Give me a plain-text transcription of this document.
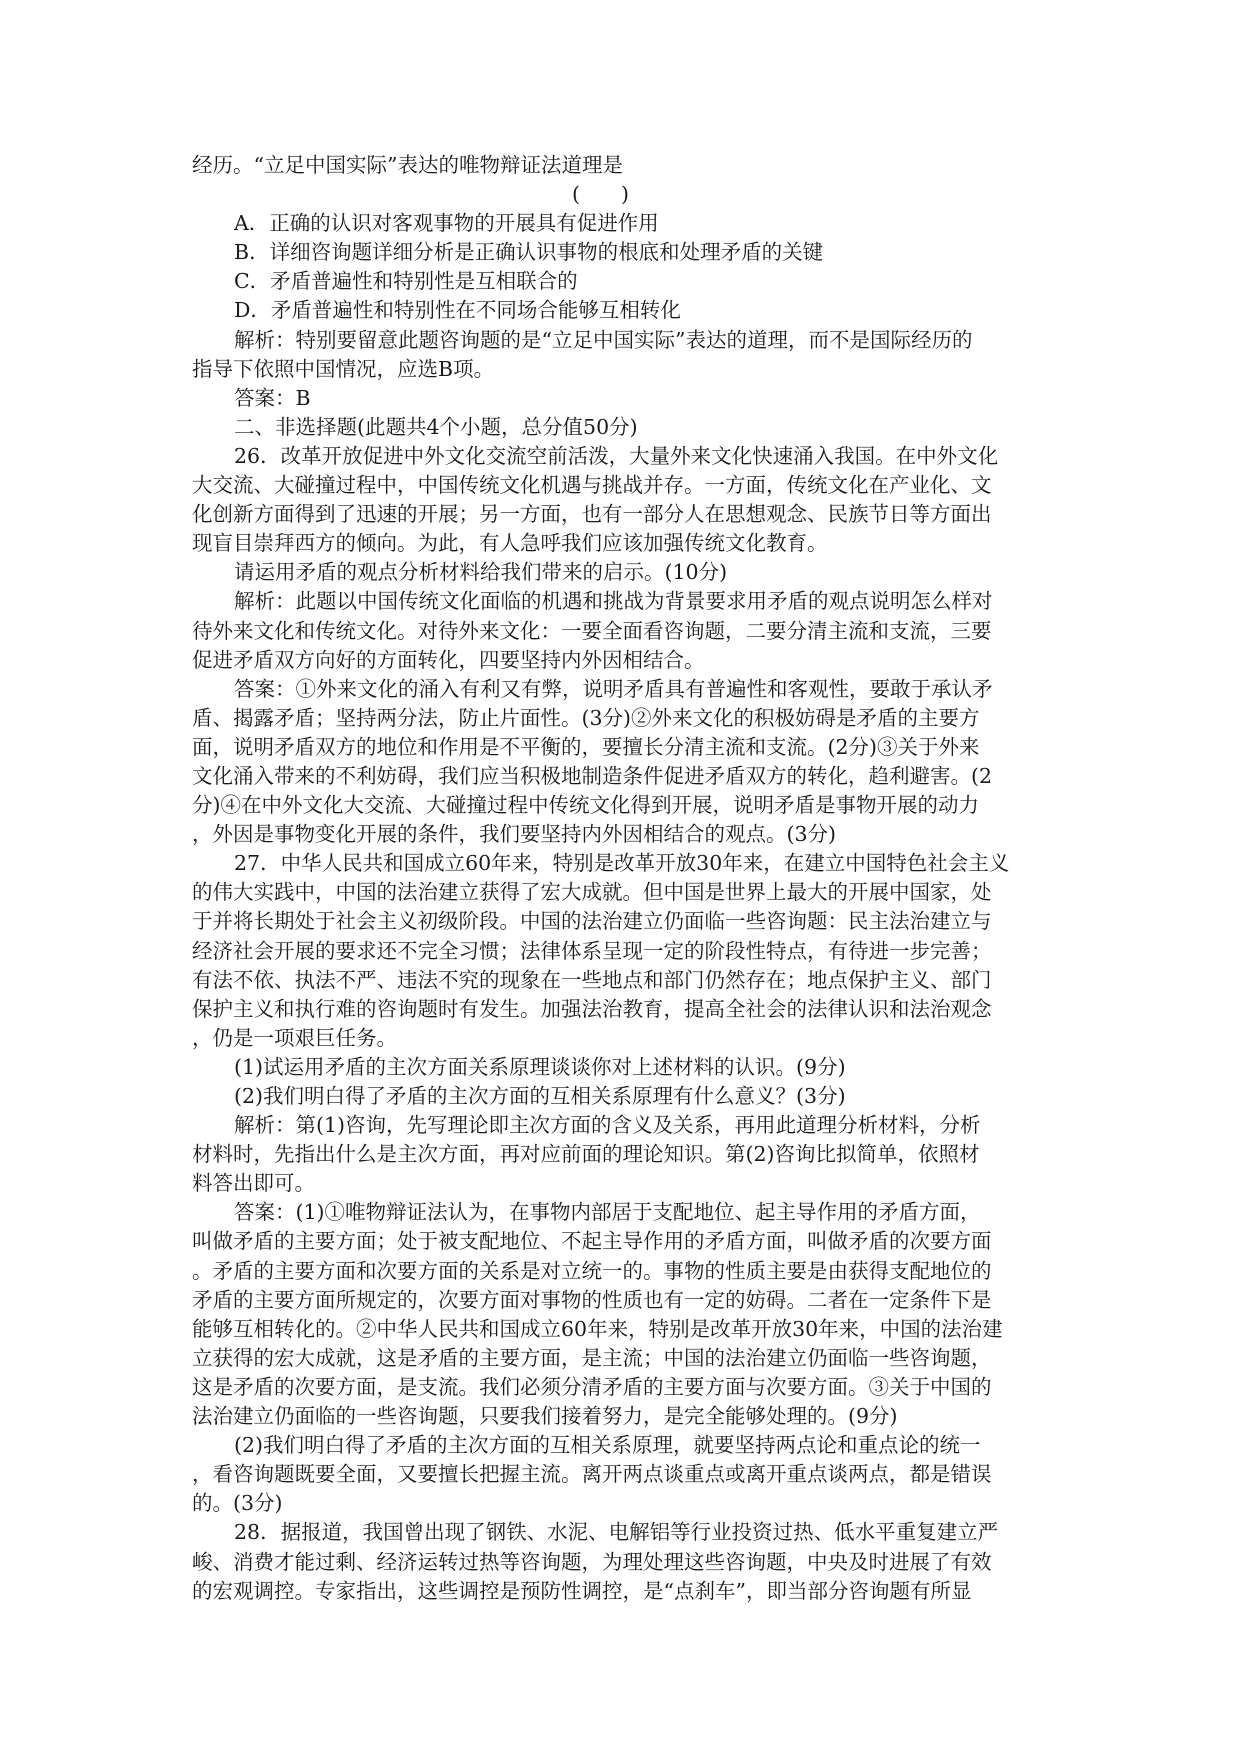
经历。“立足中国实际”表达的唯物辩证法道理是
(　　)
A．正确的认识对客观事物的开展具有促进作用
B．详细咨询题详细分析是正确认识事物的根底和处理矛盾的关键
C．矛盾普遍性和特别性是互相联合的
D．矛盾普遍性和特别性在不同场合能够互相转化
解析：特别要留意此题咨询题的是“立足中国实际”表达的道理，而不是国际经历的
指导下依照中国情况，应选B项。
答案：B
二、非选择题(此题共4个小题，总分值50分)
26．改革开放促进中外文化交流空前活泼，大量外来文化快速涌入我国。在中外文化
大交流、大碰撞过程中，中国传统文化机遇与挑战并存。一方面，传统文化在产业化、文
化创新方面得到了迅速的开展；另一方面，也有一部分人在思想观念、民族节日等方面出
现盲目崇拜西方的倾向。为此，有人急呼我们应该加强传统文化教育。
请运用矛盾的观点分析材料给我们带来的启示。(10分)
解析：此题以中国传统文化面临的机遇和挑战为背景要求用矛盾的观点说明怎么样对
待外来文化和传统文化。对待外来文化：一要全面看咨询题，二要分清主流和支流，三要
促进矛盾双方向好的方面转化，四要坚持内外因相结合。
答案：①外来文化的涌入有利又有弊，说明矛盾具有普遍性和客观性，要敢于承认矛
盾、揭露矛盾；坚持两分法，防止片面性。(3分)②外来文化的积极妨碍是矛盾的主要方
面，说明矛盾双方的地位和作用是不平衡的，要擅长分清主流和支流。(2分)③关于外来
文化涌入带来的不利妨碍，我们应当积极地制造条件促进矛盾双方的转化，趋利避害。(2
分)④在中外文化大交流、大碰撞过程中传统文化得到开展，说明矛盾是事物开展的动力
，外因是事物变化开展的条件，我们要坚持内外因相结合的观点。(3分)
27．中华人民共和国成立60年来，特别是改革开放30年来，在建立中国特色社会主义
的伟大实践中，中国的法治建立获得了宏大成就。但中国是世界上最大的开展中国家，处
于并将长期处于社会主义初级阶段。中国的法治建立仍面临一些咨询题：民主法治建立与
经济社会开展的要求还不完全习惯；法律体系呈现一定的阶段性特点，有待进一步完善；
有法不依、执法不严、违法不究的现象在一些地点和部门仍然存在；地点保护主义、部门
保护主义和执行难的咨询题时有发生。加强法治教育，提高全社会的法律认识和法治观念
，仍是一项艰巨任务。
(1)试运用矛盾的主次方面关系原理谈谈你对上述材料的认识。(9分)
(2)我们明白得了矛盾的主次方面的互相关系原理有什么意义？(3分)
解析：第(1)咨询，先写理论即主次方面的含义及关系，再用此道理分析材料，分析
材料时，先指出什么是主次方面，再对应前面的理论知识。第(2)咨询比拟简单，依照材
料答出即可。
答案：(1)①唯物辩证法认为，在事物内部居于支配地位、起主导作用的矛盾方面，
叫做矛盾的主要方面；处于被支配地位、不起主导作用的矛盾方面，叫做矛盾的次要方面
。矛盾的主要方面和次要方面的关系是对立统一的。事物的性质主要是由获得支配地位的
矛盾的主要方面所规定的，次要方面对事物的性质也有一定的妨碍。二者在一定条件下是
能够互相转化的。②中华人民共和国成立60年来，特别是改革开放30年来，中国的法治建
立获得的宏大成就，这是矛盾的主要方面，是主流；中国的法治建立仍面临一些咨询题，
这是矛盾的次要方面，是支流。我们必须分清矛盾的主要方面与次要方面。③关于中国的
法治建立仍面临的一些咨询题，只要我们接着努力，是完全能够处理的。(9分)
(2)我们明白得了矛盾的主次方面的互相关系原理，就要坚持两点论和重点论的统一
，看咨询题既要全面，又要擅长把握主流。离开两点谈重点或离开重点谈两点，都是错误
的。(3分)
28．据报道，我国曾出现了钢铁、水泥、电解铝等行业投资过热、低水平重复建立严
峻、消费才能过剩、经济运转过热等咨询题，为理处理这些咨询题，中央及时进展了有效
的宏观调控。专家指出，这些调控是预防性调控，是“点刹车”，即当部分咨询题有所显
